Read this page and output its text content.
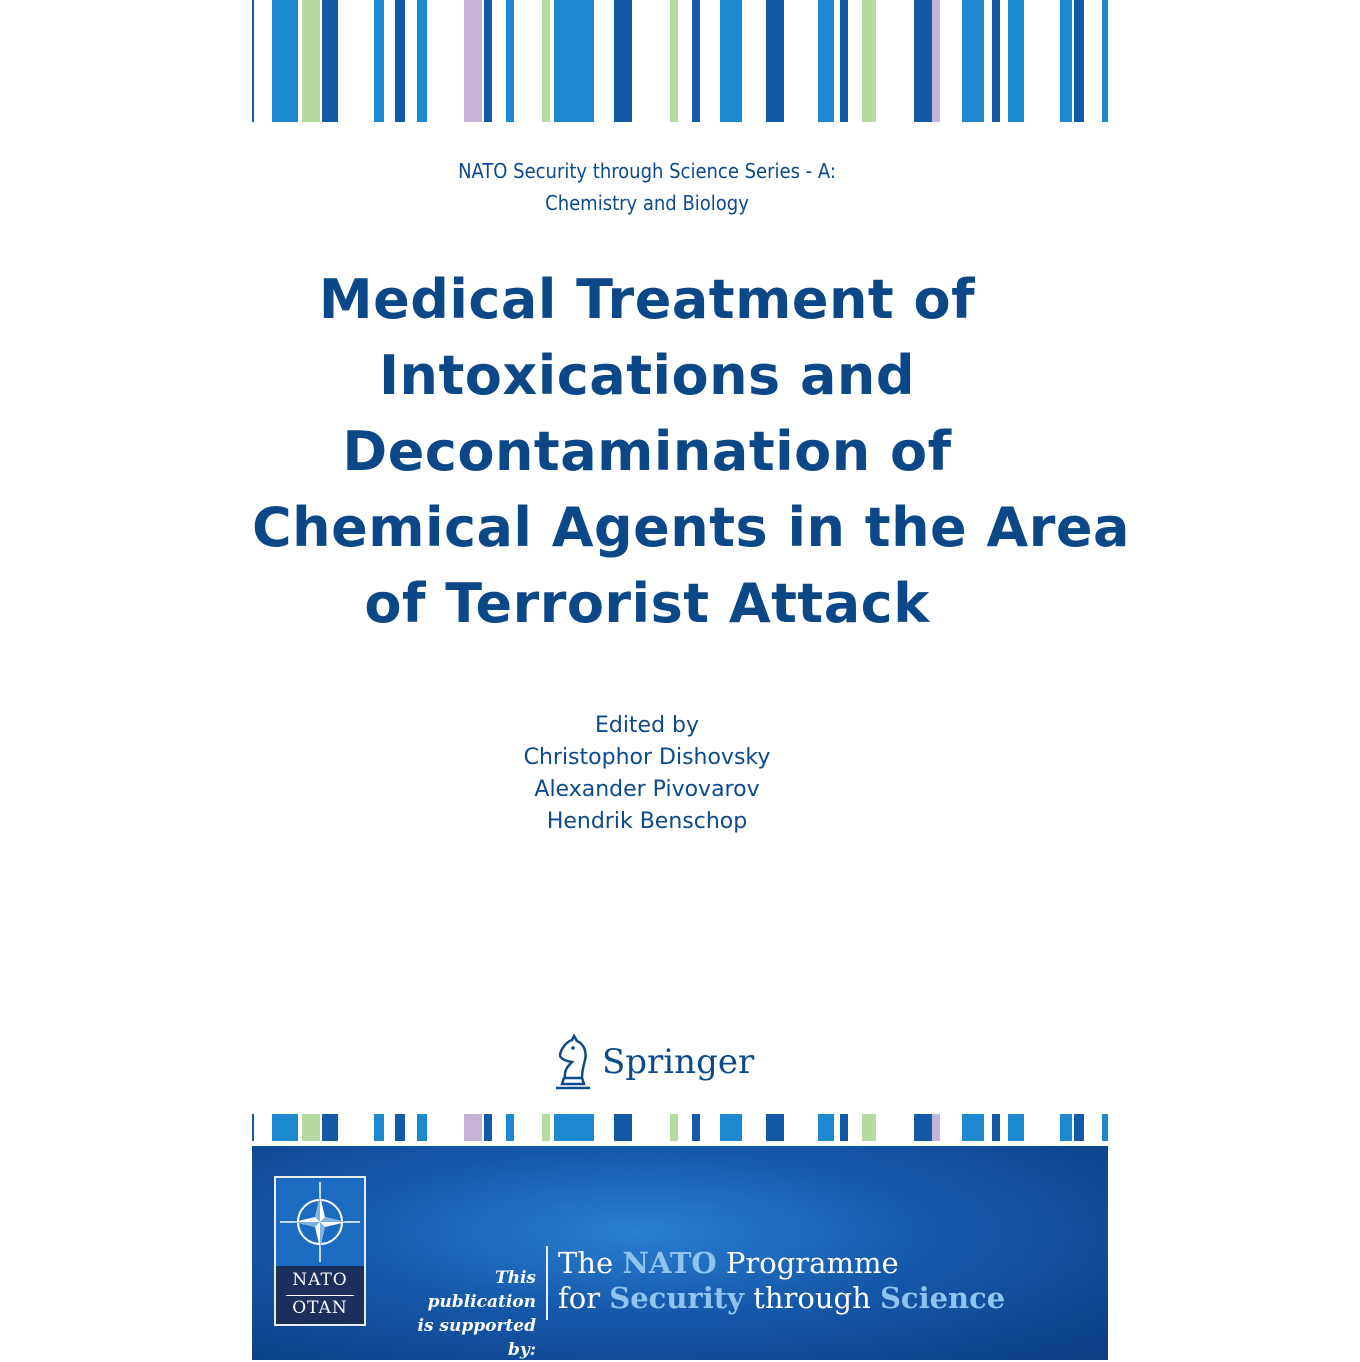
NATO Security through Science Series - A:
Chemistry and Biology
Medical Treatment of
Intoxications and
Decontamination of
Chemical Agents in the Area
of Terrorist Attack
Edited by
Christophor Dishovsky
Alexander Pivovarov
Hendrik Benschop
Springer
NATO
OTAN
This publication
is supported by:
The NATO Programme
for Security through Science
